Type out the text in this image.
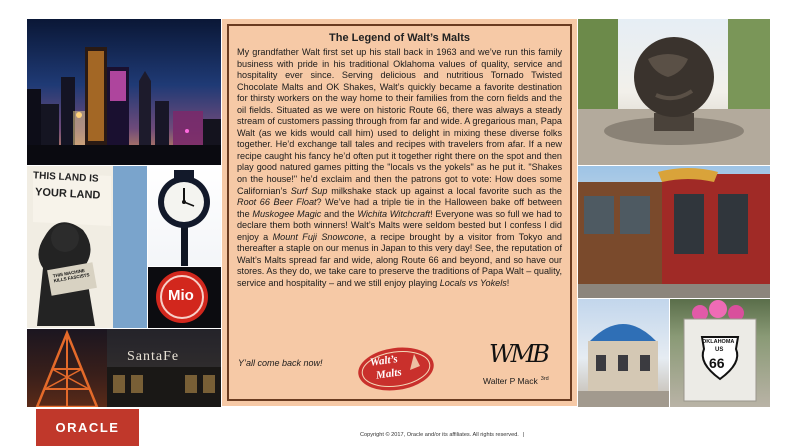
THIS LAND IS
YOUR LAND
THIS MACHINE KILLS FASCISTS
Mio
SantaFe
The Legend of Walt’s Malts
My grandfather Walt first set up his stall back in 1963 and we’ve run this family business with pride in his traditional Oklahoma values of quality, service and hospitality ever since. Serving delicious and nutritious Tornado Twisted Chocolate Malts and OK Shakes, Walt’s quickly became a favorite destination for thirsty workers on the way home to their families from the corn fields and the oil fields. Situated as we were on historic Route 66, there was always a steady stream of customers passing through from far and wide. A gregarious man, Papa Walt (as we kids would call him) used to delight in mixing these diverse folks together. He’d exchange tall tales and recipes with travelers from afar. If a new recipe caught his fancy he’d often put it together right there on the spot and then play good natured games pitting the "locals vs the yokels" as he put it. "Shakes on the house!" he’d exclaim and then the patrons got to vote: How does some Californian’s Surf Sup milkshake stack up against a local favorite such as the Root 66 Beer Float? We’ve had a triple tie in the Halloween bake off between the Muskogee Magic and the Wichita Witchcraft! Everyone was so full we had to declare them both winners! Walt’s Malts were seldom bested but I confess I did enjoy a Mount Fuji Snowcone, a recipe brought by a visitor from Tokyo and thereafter a staple on our menus in Japan to this very day! See, the reputation of Walt’s Malts spread far and wide, along Route 66 and beyond, and so have our stores. As they do, we take care to preserve the traditions of Papa Walt – quality, service and hospitality – and we still enjoy playing Locals vs Yokels!
Y’all come back now!	Walt’s
Malts
WMB
Walter P Mack $^{3rd}$
OKLAHOMA
US
66
ORACLE	Copyright © 2017, Oracle and/or its affiliates. All rights reserved. |
